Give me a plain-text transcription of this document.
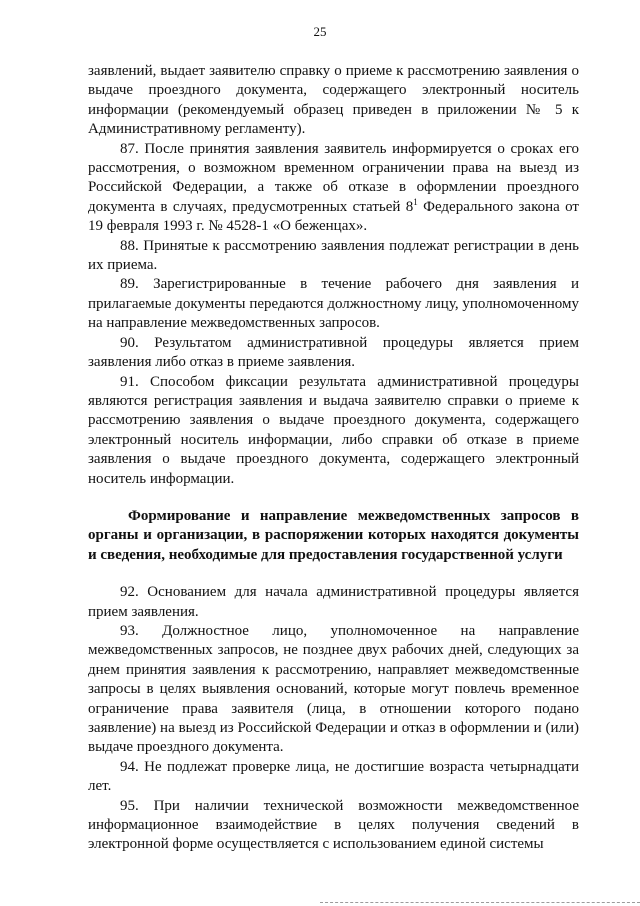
25

заявлений, выдает заявителю справку о приеме к рассмотрению заявления о выдаче проездного документа, содержащего электронный носитель информации (рекомендуемый образец приведен в приложении № 5 к Административному регламенту).

87. После принятия заявления заявитель информируется о сроках его рассмотрения, о возможном временном ограничении права на выезд из Российской Федерации, а также об отказе в оформлении проездного документа в случаях, предусмотренных статьей $8^1$ Федерального закона от 19 февраля 1993 г. № 4528-1 «О беженцах».

88. Принятые к рассмотрению заявления подлежат регистрации в день их приема.

89. Зарегистрированные в течение рабочего дня заявления и прилагаемые документы передаются должностному лицу, уполномоченному на направление межведомственных запросов.

90. Результатом административной процедуры является прием заявления либо отказ в приеме заявления.

91. Способом фиксации результата административной процедуры являются регистрация заявления и выдача заявителю справки о приеме к рассмотрению заявления о выдаче проездного документа, содержащего электронный носитель информации, либо справки об отказе в приеме заявления о выдаче проездного документа, содержащего электронный носитель информации.

Формирование и направление межведомственных запросов в органы и организации, в распоряжении которых находятся документы и сведения, необходимые для предоставления государственной услуги

92. Основанием для начала административной процедуры является прием заявления.

93. Должностное лицо, уполномоченное на направление межведомственных запросов, не позднее двух рабочих дней, следующих за днем принятия заявления к рассмотрению, направляет межведомственные запросы в целях выявления оснований, которые могут повлечь временное ограничение права заявителя (лица, в отношении которого подано заявление) на выезд из Российской Федерации и отказ в оформлении и (или) выдаче проездного документа.

94. Не подлежат проверке лица, не достигшие возраста четырнадцати лет.

95. При наличии технической возможности межведомственное информационное взаимодействие в целях получения сведений в электронной форме осуществляется с использованием единой системы
